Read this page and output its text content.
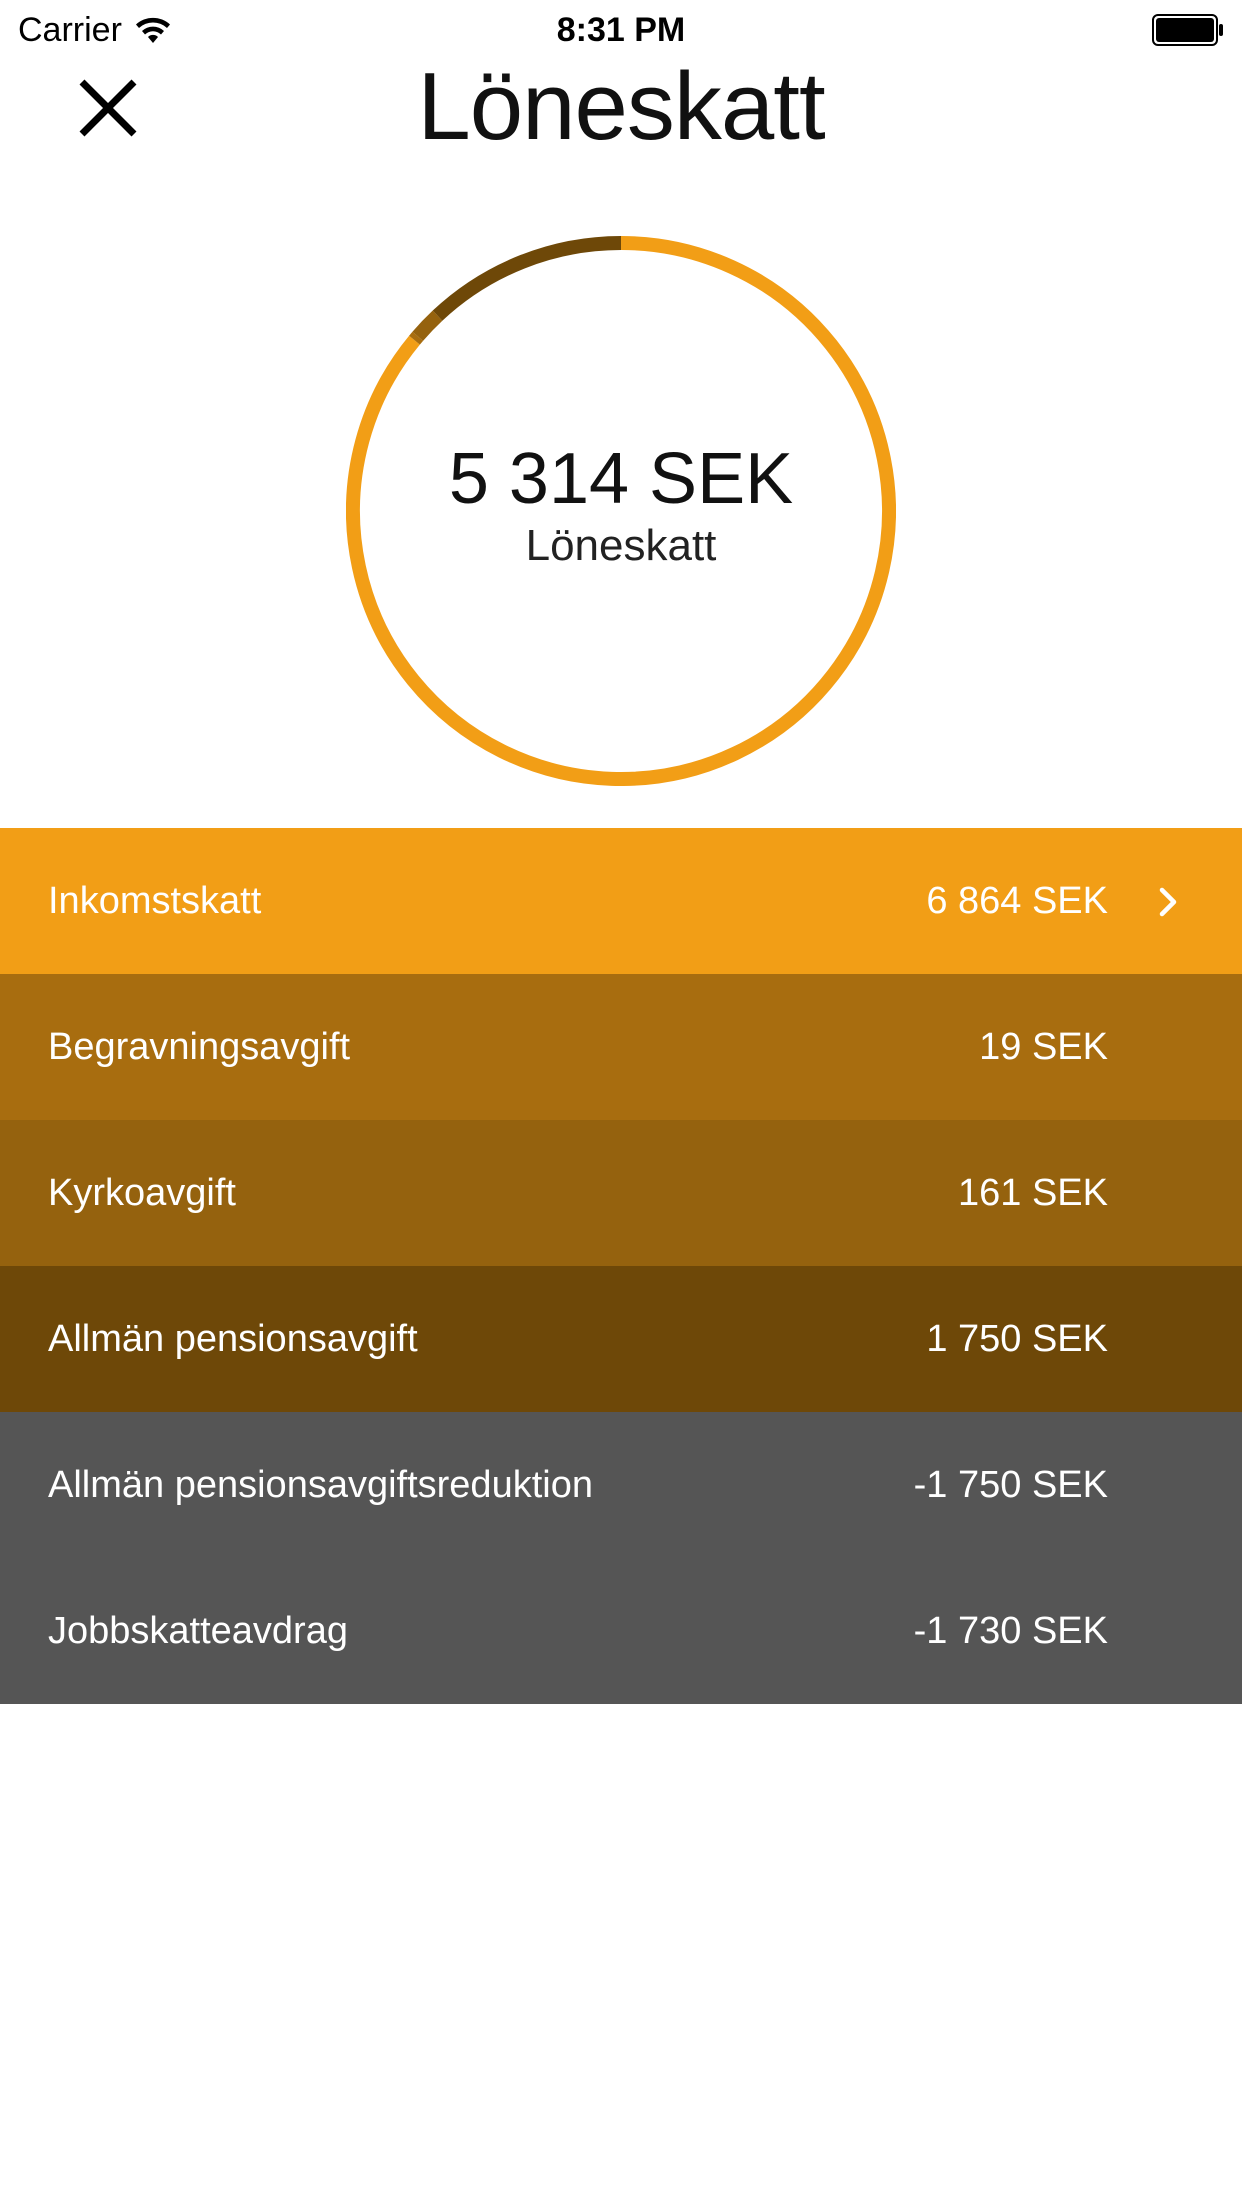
Carrier	8:31 PM
Löneskatt
5 314 SEK
Löneskatt
Inkomstskatt	6 864 SEK
Begravningsavgift	19 SEK
Kyrkoavgift	161 SEK
Allmän pensionsavgift	1 750 SEK
Allmän pensionsavgiftsreduktion	-1 750 SEK
Jobbskatteavdrag	-1 730 SEK
